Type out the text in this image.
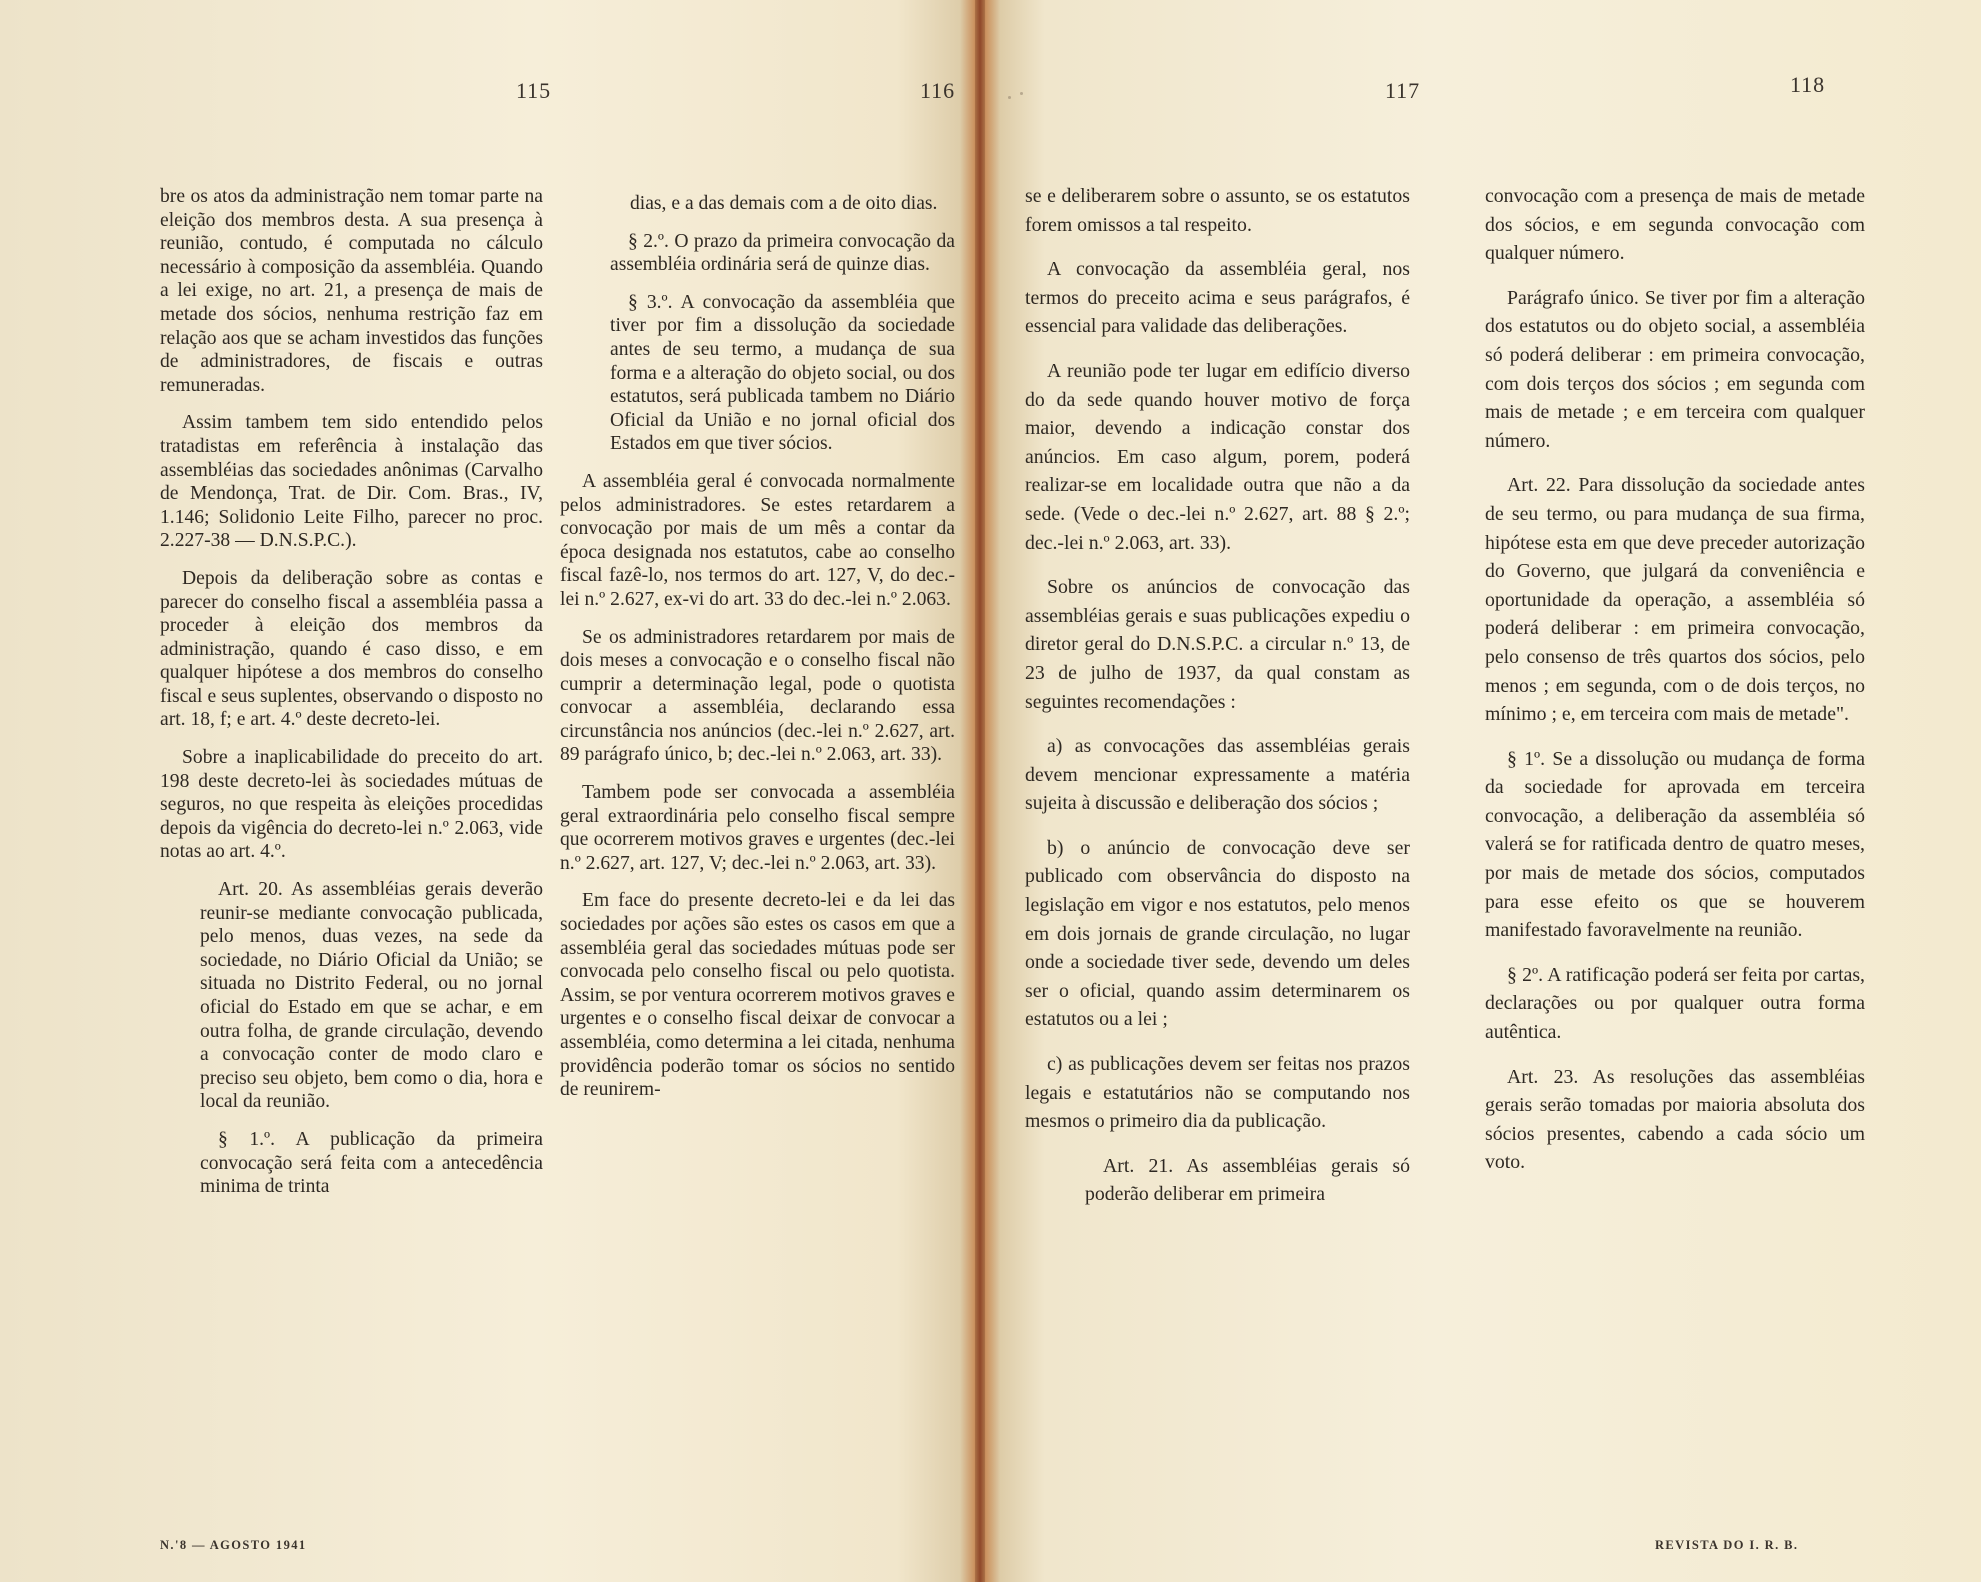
115	116

bre os atos da administração nem tomar parte na eleição dos membros desta. A sua presença à reunião, contudo, é computada no cálculo necessário à composição da assembléia. Quando a lei exige, no art. 21, a presença de mais de metade dos sócios, nenhuma restrição faz em relação aos que se acham investidos das funções de administradores, de fiscais e outras remuneradas.

Assim tambem tem sido entendido pelos tratadistas em referência à instalação das assembléias das sociedades anônimas (Carvalho de Mendonça, Trat. de Dir. Com. Bras., IV, 1.146; Solidonio Leite Filho, parecer no proc. 2.227-38 — D.N.S.P.C.).

Depois da deliberação sobre as contas e parecer do conselho fiscal a assembléia passa a proceder à eleição dos membros da administração, quando é caso disso, e em qualquer hipótese a dos membros do conselho fiscal e seus suplentes, observando o disposto no art. 18, f; e art. 4.º deste decreto-lei.

Sobre a inaplicabilidade do preceito do art. 198 deste decreto-lei às sociedades mútuas de seguros, no que respeita às eleições procedidas depois da vigência do decreto-lei n.º 2.063, vide notas ao art. 4.º.

Art. 20. As assembléias gerais deverão reunir-se mediante convocação publicada, pelo menos, duas vezes, na sede da sociedade, no Diário Oficial da União; se situada no Distrito Federal, ou no jornal oficial do Estado em que se achar, e em outra folha, de grande circulação, devendo a convocação conter de modo claro e preciso seu objeto, bem como o dia, hora e local da reunião.

§ 1.º. A publicação da primeira convocação será feita com a antecedência minima de trinta

dias, e a das demais com a de oito dias.

§ 2.º. O prazo da primeira convocação da assembléia ordinária será de quinze dias.

§ 3.º. A convocação da assembléia que tiver por fim a dissolução da sociedade antes de seu termo, a mudança de sua forma e a alteração do objeto social, ou dos estatutos, será publicada tambem no Diário Oficial da União e no jornal oficial dos Estados em que tiver sócios.

A assembléia geral é convocada normalmente pelos administradores. Se estes retardarem a convocação por mais de um mês a contar da época designada nos estatutos, cabe ao conselho fiscal fazê-lo, nos termos do art. 127, V, do dec.-lei n.º 2.627, ex-vi do art. 33 do dec.-lei n.º 2.063.

Se os administradores retardarem por mais de dois meses a convocação e o conselho fiscal não cumprir a determinação legal, pode o quotista convocar a assembléia, declarando essa circunstância nos anúncios (dec.-lei n.º 2.627, art. 89 parágrafo único, b; dec.-lei n.º 2.063, art. 33).

Tambem pode ser convocada a assembléia geral extraordinária pelo conselho fiscal sempre que ocorrerem motivos graves e urgentes (dec.-lei n.º 2.627, art. 127, V; dec.-lei n.º 2.063, art. 33).

Em face do presente decreto-lei e da lei das sociedades por ações são estes os casos em que a assembléia geral das sociedades mútuas pode ser convocada pelo conselho fiscal ou pelo quotista. Assim, se por ventura ocorrerem motivos graves e urgentes e o conselho fiscal deixar de convocar a assembléia, como determina a lei citada, nenhuma providência poderão tomar os sócios no sentido de reunirem-

N.'8 — AGOSTO 1941
117	118

se e deliberarem sobre o assunto, se os estatutos forem omissos a tal respeito.

A convocação da assembléia geral, nos termos do preceito acima e seus parágrafos, é essencial para validade das deliberações.

A reunião pode ter lugar em edifício diverso do da sede quando houver motivo de força maior, devendo a indicação constar dos anúncios. Em caso algum, porem, poderá realizar-se em localidade outra que não a da sede. (Vede o dec.-lei n.º 2.627, art. 88 § 2.º; dec.-lei n.º 2.063, art. 33).

Sobre os anúncios de convocação das assembléias gerais e suas publicações expediu o diretor geral do D.N.S.P.C. a circular n.º 13, de 23 de julho de 1937, da qual constam as seguintes recomendações :

a) as convocações das assembléias gerais devem mencionar expressamente a matéria sujeita à discussão e deliberação dos sócios ;

b) o anúncio de convocação deve ser publicado com observância do disposto na legislação em vigor e nos estatutos, pelo menos em dois jornais de grande circulação, no lugar onde a sociedade tiver sede, devendo um deles ser o oficial, quando assim determinarem os estatutos ou a lei ;

c) as publicações devem ser feitas nos prazos legais e estatutários não se computando nos mesmos o primeiro dia da publicação.

Art. 21. As assembléias gerais só poderão deliberar em primeira

convocação com a presença de mais de metade dos sócios, e em segunda convocação com qualquer número.

Parágrafo único. Se tiver por fim a alteração dos estatutos ou do objeto social, a assembléia só poderá deliberar : em primeira convocação, com dois terços dos sócios ; em segunda com mais de metade ; e em terceira com qualquer número.

Art. 22. Para dissolução da sociedade antes de seu termo, ou para mudança de sua firma, hipótese esta em que deve preceder autorização do Governo, que julgará da conveniência e oportunidade da operação, a assembléia só poderá deliberar : em primeira convocação, pelo consenso de três quartos dos sócios, pelo menos ; em segunda, com o de dois terços, no mínimo ; e, em terceira com mais de metade".

§ 1º. Se a dissolução ou mudança de forma da sociedade for aprovada em terceira convocação, a deliberação da assembléia só valerá se for ratificada dentro de quatro meses, por mais de metade dos sócios, computados para esse efeito os que se houverem manifestado favoravelmente na reunião.

§ 2º. A ratificação poderá ser feita por cartas, declarações ou por qualquer outra forma autêntica.

Art. 23. As resoluções das assembléias gerais serão tomadas por maioria absoluta dos sócios presentes, cabendo a cada sócio um voto.

REVISTA DO I. R. B.
